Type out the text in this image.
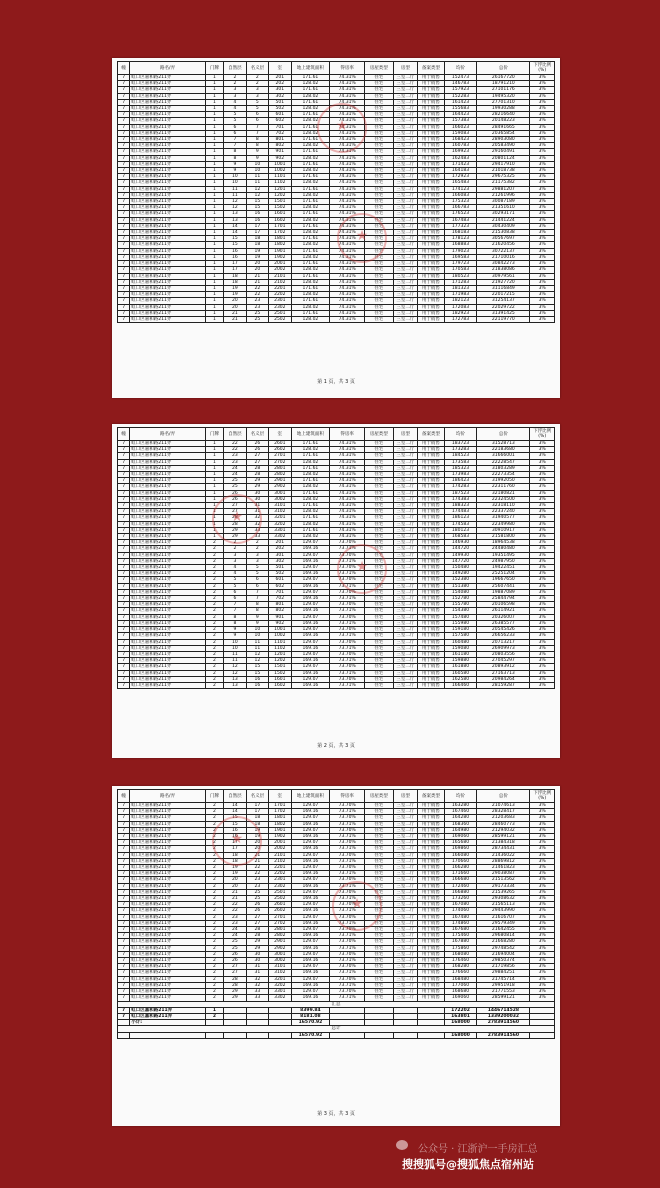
幢	路名/弄	门牌	自然层	名义层	室	地上建筑面积	得房率	房屋类型	房型	备案类型	均价	总价	下浮比例(%)
7	虹口区嘉和路211弄	1	2	2	201	171.61	74.31%	住宅	三室二厅	用于销售	152473	26167720	3%
7	虹口区嘉和路211弄	1	2	2	202	128.02	74.31%	住宅	三室二厅	用于销售	146783	18791210	3%
7	虹口区嘉和路211弄	1	3	3	301	171.61	74.31%	住宅	三室二厅	用于销售	157923	27101176	3%
7	虹口区嘉和路211弄	1	3	3	302	128.02	74.31%	住宅	三室二厅	用于销售	152283	19495320	3%
7	虹口区嘉和路211弄	1	4	5	501	171.61	74.31%	住宅	三室二厅	用于销售	161423	27701310	3%
7	虹口区嘉和路211弄	1	4	5	502	128.02	74.31%	住宅	三室二厅	用于销售	155683	19930288	3%
7	虹口区嘉和路211弄	1	5	6	601	171.61	74.31%	住宅	三室二厅	用于销售	164423	28216640	3%
7	虹口区嘉和路211弄	1	5	6	602	128.02	74.31%	住宅	三室二厅	用于销售	157383	20148223	3%
7	虹口区嘉和路211弄	1	6	7	701	171.61	74.31%	住宅	三室二厅	用于销售	166023	28491665	3%
7	虹口区嘉和路211弄	1	6	7	702	128.02	74.31%	住宅	三室二厅	用于销售	159083	20365854	3%
7	虹口区嘉和路211弄	1	7	8	801	171.61	74.31%	住宅	三室二厅	用于销售	168423	28903080	3%
7	虹口区嘉和路211弄	1	7	8	802	128.02	74.31%	住宅	三室二厅	用于销售	160783	20583490	3%
7	虹口区嘉和路211弄	1	8	9	901	171.61	74.31%	住宅	三室二厅	用于销售	169923	29160491	3%
7	虹口区嘉和路211弄	1	8	9	902	128.02	74.31%	住宅	三室二厅	用于销售	162483	20801124	3%
7	虹口区嘉和路211弄	1	9	10	1001	171.61	74.31%	住宅	三室二厅	用于销售	171423	29417910	3%
7	虹口区嘉和路211弄	1	9	10	1002	128.02	74.31%	住宅	三室二厅	用于销售	164183	21018738	3%
7	虹口区嘉和路211弄	1	10	11	1101	171.61	74.31%	住宅	三室二厅	用于销售	172923	29675325	3%
7	虹口区嘉和路211弄	1	10	11	1102	128.02	74.31%	住宅	三室二厅	用于销售	165483	21175382	3%
7	虹口区嘉和路211弄	1	11	12	1201	171.61	74.31%	住宅	三室二厅	用于销售	174123	29881207	3%
7	虹口区嘉和路211弄	1	11	12	1202	128.02	74.31%	住宅	三室二厅	用于销售	166083	21261996	3%
7	虹口区嘉和路211弄	1	12	15	1501	171.61	74.31%	住宅	三室二厅	用于销售	175323	30087189	3%
7	虹口区嘉和路211弄	1	12	15	1502	128.02	74.31%	住宅	三室二厅	用于销售	166783	21351610	3%
7	虹口区嘉和路211弄	1	13	16	1601	171.61	74.31%	住宅	三室二厅	用于销售	176523	30293171	3%
7	虹口区嘉和路211弄	1	13	16	1602	128.02	74.31%	住宅	三室二厅	用于销售	167483	21441224	3%
7	虹口区嘉和路211弄	1	14	17	1701	171.61	74.31%	住宅	三室二厅	用于销售	177323	30430409	3%
7	虹口区嘉和路211弄	1	14	17	1702	128.02	74.31%	住宅	三室二厅	用于销售	168183	21530838	3%
7	虹口区嘉和路211弄	1	15	18	1801	171.61	74.31%	住宅	三室二厅	用于销售	178123	30567697	3%
7	虹口区嘉和路211弄	1	15	18	1802	128.02	74.31%	住宅	三室二厅	用于销售	168883	21620456	3%
7	虹口区嘉和路211弄	1	16	19	1901	171.61	74.31%	住宅	三室二厅	用于销售	179023	30722137	3%
7	虹口区嘉和路211弄	1	16	19	1902	128.02	74.31%	住宅	三室二厅	用于销售	169583	21710016	3%
7	虹口区嘉和路211弄	1	17	20	2001	171.61	74.31%	住宅	三室二厅	用于销售	179723	30842273	3%
7	虹口区嘉和路211弄	1	17	20	2002	128.02	74.31%	住宅	三室二厅	用于销售	170583	21838086	3%
7	虹口区嘉和路211弄	1	18	21	2101	171.61	74.31%	住宅	三室二厅	用于销售	180523	30979561	3%
7	虹口区嘉和路211弄	1	18	21	2102	128.02	74.31%	住宅	三室二厅	用于销售	171283	21927720	3%
7	虹口区嘉和路211弄	1	19	22	2201	171.61	74.31%	住宅	三室二厅	用于销售	181323	31116849	3%
7	虹口区嘉和路211弄	1	19	22	2202	128.02	74.31%	住宅	三室二厅	用于销售	171983	22017215	3%
7	虹口区嘉和路211弄	1	20	23	2301	171.61	74.31%	住宅	三室二厅	用于销售	182123	31254137	3%
7	虹口区嘉和路211弄	1	20	23	2302	128.02	74.31%	住宅	三室二厅	用于销售	172083	22029722	3%
7	虹口区嘉和路211弄	1	21	25	2501	171.61	74.31%	住宅	三室二厅	用于销售	182923	31391425	3%
7	虹口区嘉和路211弄	1	21	25	2502	128.02	74.31%	住宅	三室二厅	用于销售	172783	22119770	3%
★
★
第 1 页，共 3 页
幢	路名/弄	门牌	自然层	名义层	室	地上建筑面积	得房率	房屋类型	房型	备案类型	均价	总价	下浮比例(%)
7	虹口区嘉和路211弄	1	22	26	2601	171.61	74.31%	住宅	三室二厅	用于销售	183723	31528713	3%
7	虹口区嘉和路211弄	1	22	26	2602	128.02	74.31%	住宅	三室二厅	用于销售	173283	22183680	3%
7	虹口区嘉和路211弄	1	23	27	2701	171.61	74.31%	住宅	三室二厅	用于销售	184523	31666001	3%
7	虹口区嘉和路211弄	1	23	27	2702	128.02	74.31%	住宅	三室二厅	用于销售	173583	22228547	3%
7	虹口区嘉和路211弄	1	24	28	2801	171.61	74.31%	住宅	三室二厅	用于销售	185323	31803289	3%
7	虹口区嘉和路211弄	1	24	28	2802	128.02	74.31%	住宅	三室二厅	用于销售	173983	22273354	3%
7	虹口区嘉和路211弄	1	25	29	2901	171.61	74.31%	住宅	三室二厅	用于销售	186423	31992050	3%
7	虹口区嘉和路211弄	1	25	29	2902	128.02	74.31%	住宅	三室二厅	用于销售	174283	22311760	3%
7	虹口区嘉和路211弄	1	26	30	3001	171.61	74.31%	住宅	三室二厅	用于销售	187523	32180821	3%
7	虹口区嘉和路211弄	1	26	30	3002	128.02	74.31%	住宅	三室二厅	用于销售	174383	22324500	3%
7	虹口区嘉和路211弄	1	27	31	3101	171.61	74.31%	住宅	三室二厅	用于销售	188323	32318110	3%
7	虹口区嘉和路211弄	1	27	31	3102	128.02	74.31%	住宅	三室二厅	用于销售	174483	22337240	3%
7	虹口区嘉和路211弄	1	28	32	3201	171.61	74.31%	住宅	三室二厅	用于销售	186123	31940577	3%
7	虹口区嘉和路211弄	1	28	32	3202	128.02	74.31%	住宅	三室二厅	用于销售	174583	22349980	3%
7	虹口区嘉和路211弄	1	29	33	3301	171.61	74.31%	住宅	三室二厅	用于销售	180123	30910917	3%
7	虹口区嘉和路211弄	1	29	33	3302	128.02	74.31%	住宅	三室二厅	用于销售	168583	21581800	3%
7	虹口区嘉和路211弄	2	2	2	201	129.07	73.70%	住宅	三室二厅	用于销售	146930	18964538	3%
7	虹口区嘉和路211弄	2	2	2	202	169.16	73.71%	住宅	三室二厅	用于销售	144720	24480480	3%
7	虹口区嘉和路211弄	2	3	3	301	129.07	73.70%	住宅	三室二厅	用于销售	149930	19351495	3%
7	虹口区嘉和路211弄	2	3	3	302	169.16	73.71%	住宅	三室二厅	用于销售	147720	24987950	3%
7	虹口区嘉和路211弄	2	4	5	501	129.07	73.70%	住宅	三室二厅	用于销售	150480	19422451	3%
7	虹口区嘉和路211弄	2	4	5	502	169.16	73.71%	住宅	三室二厅	用于销售	149280	25251204	3%
7	虹口区嘉和路211弄	2	5	6	601	129.07	73.70%	住宅	三室二厅	用于销售	152380	19667650	3%
7	虹口区嘉和路211弄	2	5	6	602	169.16	73.71%	住宅	三室二厅	用于销售	151380	25607441	3%
7	虹口区嘉和路211弄	2	6	7	701	129.07	73.70%	住宅	三室二厅	用于销售	154080	19887089	3%
7	虹口区嘉和路211弄	2	6	7	702	169.16	73.71%	住宅	三室二厅	用于销售	152780	25844794	3%
7	虹口区嘉和路211弄	2	7	8	801	129.07	73.70%	住宅	三室二厅	用于销售	155780	20106598	3%
7	虹口区嘉和路211弄	2	7	8	802	169.16	73.71%	住宅	三室二厅	用于销售	154380	26114921	3%
7	虹口区嘉和路211弄	2	8	9	901	129.07	73.70%	住宅	三室二厅	用于销售	157480	20326007	3%
7	虹口区嘉和路211弄	2	8	9	902	169.16	73.71%	住宅	三室二厅	用于销售	155980	26385577	3%
7	虹口区嘉和路211弄	2	9	10	1001	129.07	73.70%	住宅	三室二厅	用于销售	159180	20545426	3%
7	虹口区嘉和路211弄	2	9	10	1002	169.16	73.71%	住宅	三室二厅	用于销售	157580	26656233	3%
7	虹口区嘉和路211弄	2	10	11	1101	129.07	73.70%	住宅	三室二厅	用于销售	160480	20713217	3%
7	虹口区嘉和路211弄	2	10	11	1102	169.16	73.71%	住宅	三室二厅	用于销售	159080	26909973	3%
7	虹口区嘉和路211弄	2	11	12	1201	129.07	73.70%	住宅	三室二厅	用于销售	161180	20803556	3%
7	虹口区嘉和路211弄	2	11	12	1202	169.16	73.71%	住宅	三室二厅	用于销售	159880	27045297	3%
7	虹口区嘉和路211弄	2	12	15	1501	129.07	73.70%	住宅	三室二厅	用于销售	161880	20893912	3%
7	虹口区嘉和路211弄	2	12	15	1502	169.16	73.71%	住宅	三室二厅	用于销售	160580	27163713	3%
7	虹口区嘉和路211弄	2	13	16	1601	129.07	73.70%	住宅	三室二厅	用于销售	162580	20984264	3%
7	虹口区嘉和路211弄	2	13	16	1602	169.16	73.71%	住宅	三室二厅	用于销售	166460	28159287	3%
★
★
第 2 页，共 3 页
幢	路名/弄	门牌	自然层	名义层	室	地上建筑面积	得房率	房屋类型	房型	备案类型	均价	总价	下浮比例(%)
7	虹口区嘉和路211弄	2	14	17	1701	129.07	73.70%	住宅	三室二厅	用于销售	163280	21074613	3%
7	虹口区嘉和路211弄	2	14	17	1702	169.16	73.71%	住宅	三室二厅	用于销售	167460	28328417	3%
7	虹口区嘉和路211弄	2	15	18	1801	129.07	73.70%	住宅	三室二厅	用于销售	164280	21203683	3%
7	虹口区嘉和路211弄	2	15	18	1802	169.16	73.71%	住宅	三室二厅	用于销售	168360	28460773	3%
7	虹口区嘉和路211弄	2	16	19	1901	129.07	73.70%	住宅	三室二厅	用于销售	164980	21294032	3%
7	虹口区嘉和路211弄	2	16	19	1902	169.16	73.71%	住宅	三室二厅	用于销售	169060	28599121	3%
7	虹口区嘉和路211弄	2	17	20	2001	129.07	73.70%	住宅	三室二厅	用于销售	165680	21384318	3%
7	虹口区嘉和路211弄	2	17	20	2002	169.16	73.71%	住宅	三室二厅	用于销售	169860	28734431	3%
7	虹口区嘉和路211弄	2	18	21	2101	129.07	73.70%	住宅	三室二厅	用于销售	166080	21436022	3%
7	虹口区嘉和路211弄	2	18	21	2102	169.16	73.71%	住宅	三室二厅	用于销售	170660	28869812	3%
7	虹口区嘉和路211弄	2	19	22	2201	129.07	73.70%	住宅	三室二厅	用于销售	166280	21461823	3%
7	虹口区嘉和路211弄	2	19	22	2202	169.16	73.71%	住宅	三室二厅	用于销售	171660	29038087	3%
7	虹口区嘉和路211弄	2	20	23	2301	129.07	73.70%	住宅	三室二厅	用于销售	166680	21513562	3%
7	虹口区嘉和路211弄	2	20	23	2302	169.16	73.71%	住宅	三室二厅	用于销售	172460	29173334	3%
7	虹口区嘉和路211弄	2	21	25	2501	129.07	73.70%	住宅	三室二厅	用于销售	166880	21539265	3%
7	虹口区嘉和路211弄	2	21	25	2502	169.16	73.71%	住宅	三室二厅	用于销售	173260	29308632	3%
7	虹口区嘉和路211弄	2	22	26	2601	129.07	73.70%	住宅	三室二厅	用于销售	167080	21565113	3%
7	虹口区嘉和路211弄	2	22	26	2602	169.16	73.71%	住宅	三室二厅	用于销售	174060	29443990	3%
7	虹口区嘉和路211弄	2	23	27	2701	129.07	73.70%	住宅	三室二厅	用于销售	167480	21616707	3%
7	虹口区嘉和路211弄	2	23	27	2702	169.16	73.71%	住宅	三室二厅	用于销售	174860	29579349	3%
7	虹口区嘉和路211弄	2	24	28	2801	129.07	73.70%	住宅	三室二厅	用于销售	167680	21642455	3%
7	虹口区嘉和路211弄	2	24	28	2802	169.16	73.71%	住宅	三室二厅	用于销售	175460	29680814	3%
7	虹口区嘉和路211弄	2	25	29	2901	129.07	73.70%	住宅	三室二厅	用于销售	167880	21668280	3%
7	虹口区嘉和路211弄	2	25	29	2902	169.16	73.71%	住宅	三室二厅	用于销售	175860	29748542	3%
7	虹口区嘉和路211弄	2	26	30	3001	129.07	73.70%	住宅	三室二厅	用于销售	168080	21694004	3%
7	虹口区嘉和路211弄	2	26	30	3002	169.16	73.71%	住宅	三室二厅	用于销售	176460	29850374	3%
7	虹口区嘉和路211弄	2	27	31	3101	129.07	73.70%	住宅	三室二厅	用于销售	168280	21719856	3%
7	虹口区嘉和路211弄	2	27	31	3102	169.16	73.71%	住宅	三室二厅	用于销售	176660	29884251	3%
7	虹口区嘉和路211弄	2	28	32	3201	129.07	73.70%	住宅	三室二厅	用于销售	168480	21745714	3%
7	虹口区嘉和路211弄	2	28	32	3202	169.16	73.71%	住宅	三室二厅	用于销售	177060	29951918	3%
7	虹口区嘉和路211弄	2	29	33	3301	129.07	73.70%	住宅	三室二厅	用于销售	168680	21771553	3%
7	虹口区嘉和路211弄	2	29	33	3302	169.16	73.71%	住宅	三室二厅	用于销售	169060	28599121	3%
汇总													
7	虹口区嘉和路211弄	1				8399.84					172202	1446714528	
7	虹口区嘉和路211弄	2				8181.08					163801	1339200032	
	小计:					16570.92					168000	2783914560	
总计													
						16570.92					168000	2783914560	
★
★
第 3 页，共 3 页
公众号 · 江浙沪一手房汇总
搜搜狐号@搜狐焦点宿州站
